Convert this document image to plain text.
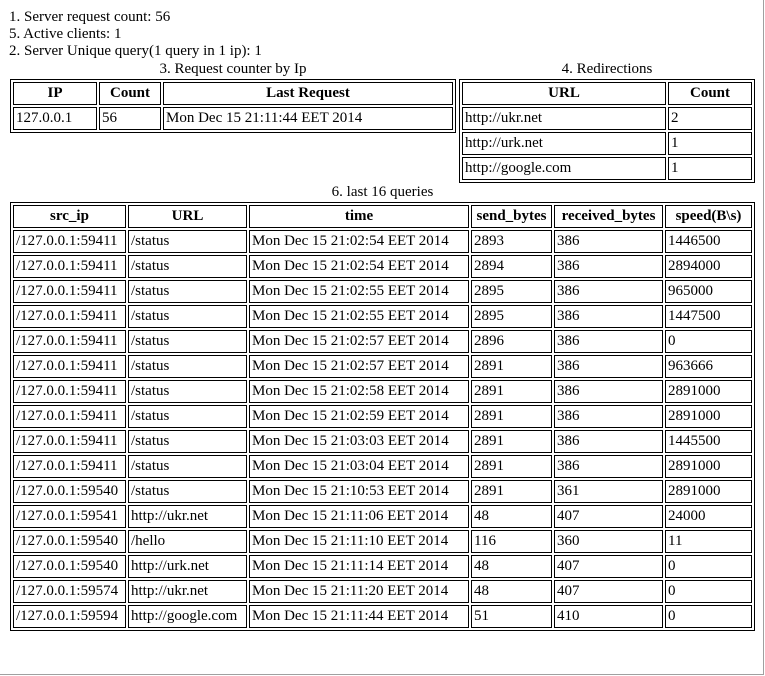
1. Server request count: 56
5. Active clients: 1
2. Server Unique query(1 query in 1 ip): 1
3. Request counter by Ip
IP	Count	Last Request
127.0.0.1	56	Mon Dec 15 21:11:44 EET 2014
4. Redirections
URL	Count
http://ukr.net	2
http://urk.net	1
http://google.com	1
6. last 16 queries
src_ip	URL	time	send_bytes	received_bytes	speed(B\s)
/127.0.0.1:59411	/status	Mon Dec 15 21:02:54 EET 2014	2893	386	1446500
/127.0.0.1:59411	/status	Mon Dec 15 21:02:54 EET 2014	2894	386	2894000
/127.0.0.1:59411	/status	Mon Dec 15 21:02:55 EET 2014	2895	386	965000
/127.0.0.1:59411	/status	Mon Dec 15 21:02:55 EET 2014	2895	386	1447500
/127.0.0.1:59411	/status	Mon Dec 15 21:02:57 EET 2014	2896	386	0
/127.0.0.1:59411	/status	Mon Dec 15 21:02:57 EET 2014	2891	386	963666
/127.0.0.1:59411	/status	Mon Dec 15 21:02:58 EET 2014	2891	386	2891000
/127.0.0.1:59411	/status	Mon Dec 15 21:02:59 EET 2014	2891	386	2891000
/127.0.0.1:59411	/status	Mon Dec 15 21:03:03 EET 2014	2891	386	1445500
/127.0.0.1:59411	/status	Mon Dec 15 21:03:04 EET 2014	2891	386	2891000
/127.0.0.1:59540	/status	Mon Dec 15 21:10:53 EET 2014	2891	361	2891000
/127.0.0.1:59541	http://ukr.net	Mon Dec 15 21:11:06 EET 2014	48	407	24000
/127.0.0.1:59540	/hello	Mon Dec 15 21:11:10 EET 2014	116	360	11
/127.0.0.1:59540	http://urk.net	Mon Dec 15 21:11:14 EET 2014	48	407	0
/127.0.0.1:59574	http://ukr.net	Mon Dec 15 21:11:20 EET 2014	48	407	0
/127.0.0.1:59594	http://google.com	Mon Dec 15 21:11:44 EET 2014	51	410	0
